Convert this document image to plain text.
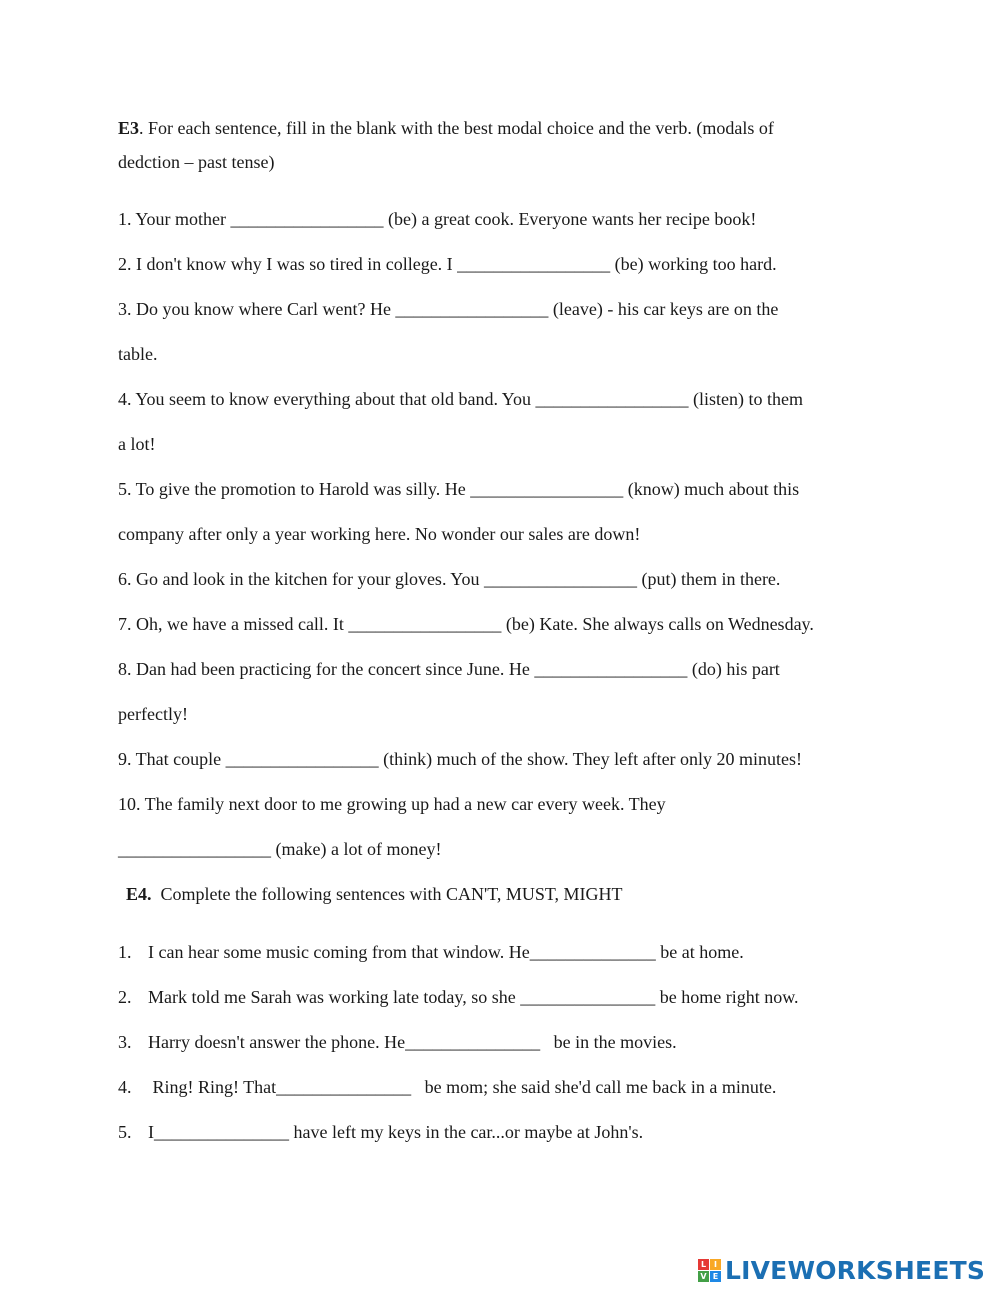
E3. For each sentence, fill in the blank with the best modal choice and the verb. (modals of
dedction – past tense)
1. Your mother _________________ (be) a great cook. Everyone wants her recipe book!
2. I don't know why I was so tired in college. I _________________ (be) working too hard.
3. Do you know where Carl went? He _________________ (leave) - his car keys are on the
table.
4. You seem to know everything about that old band. You _________________ (listen) to them
a lot!
5. To give the promotion to Harold was silly. He _________________ (know) much about this
company after only a year working here. No wonder our sales are down!
6. Go and look in the kitchen for your gloves. You _________________ (put) them in there.
7. Oh, we have a missed call. It _________________ (be) Kate. She always calls on Wednesday.
8. Dan had been practicing for the concert since June. He _________________ (do) his part
perfectly!
9. That couple _________________ (think) much of the show. They left after only 20 minutes!
10. The family next door to me growing up had a new car every week. They
_________________ (make) a lot of money!
E4.  Complete the following sentences with CAN'T, MUST, MIGHT
1. I can hear some music coming from that window. He______________ be at home.
2. Mark told me Sarah was working late today, so she _______________ be home right now.
3. Harry doesn't answer the phone. He_______________   be in the movies.
4. Ring! Ring! That_______________   be mom; she said she'd call me back in a minute.
5. I_______________ have left my keys in the car...or maybe at John's.
L I
V E LIVEWORKSHEETS
